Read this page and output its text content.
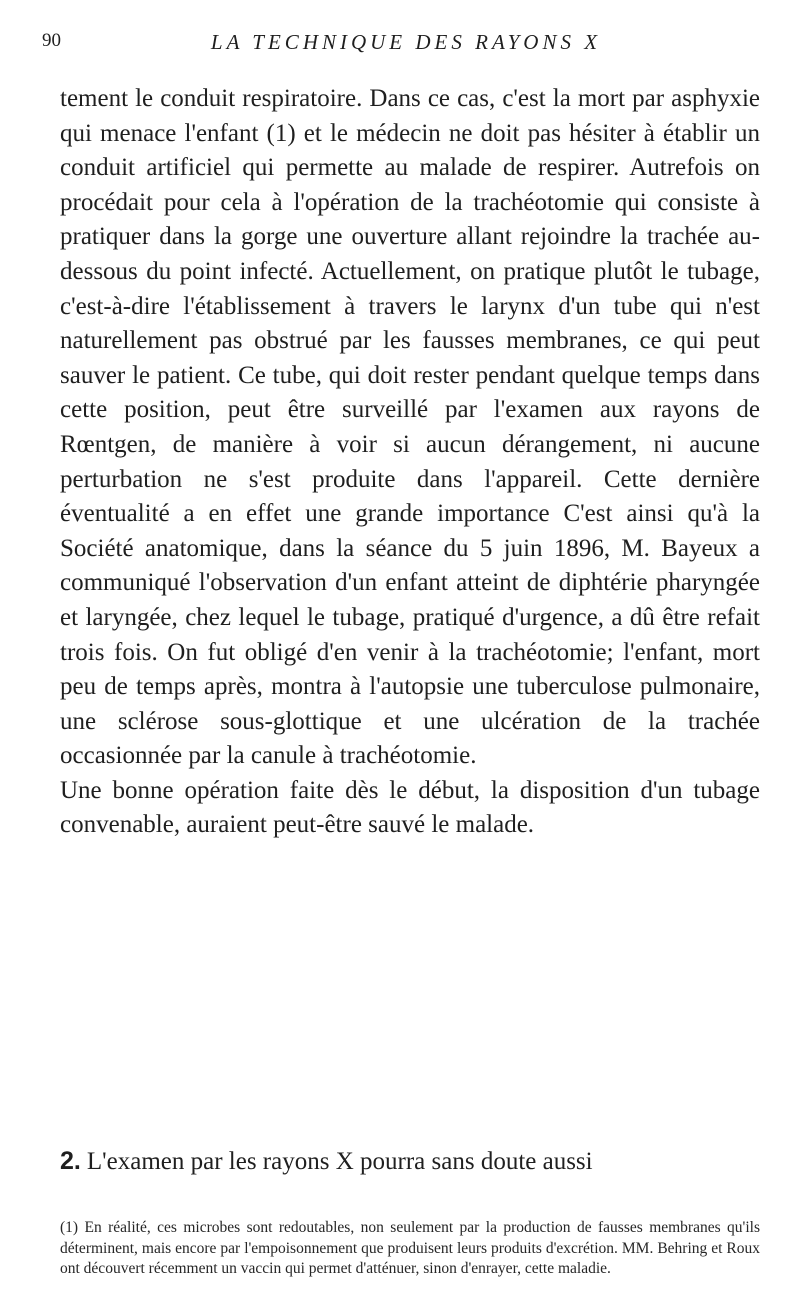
90	LA TECHNIQUE DES RAYONS X

tement le conduit respiratoire. Dans ce cas, c'est la mort par asphyxie qui menace l'enfant (1) et le médecin ne doit pas hésiter à établir un conduit artificiel qui permette au malade de respirer. Autrefois on procédait pour cela à l'opération de la trachéotomie qui consiste à pratiquer dans la gorge une ouverture allant rejoindre la trachée au-dessous du point infecté. Actuellement, on pratique plutôt le tubage, c'est-à-dire l'établissement à travers le larynx d'un tube qui n'est naturellement pas obstrué par les fausses membranes, ce qui peut sauver le patient. Ce tube, qui doit rester pendant quelque temps dans cette position, peut être surveillé par l'examen aux rayons de Rœntgen, de manière à voir si aucun dérangement, ni aucune perturbation ne s'est produite dans l'appareil. Cette dernière éventualité a en effet une grande importance C'est ainsi qu'à la Société anatomique, dans la séance du 5 juin 1896, M. Bayeux a communiqué l'observation d'un enfant atteint de diphtérie pharyngée et laryngée, chez lequel le tubage, pratiqué d'urgence, a dû être refait trois fois. On fut obligé d'en venir à la trachéotomie; l'enfant, mort peu de temps après, montra à l'autopsie une tuberculose pulmonaire, une sclérose sous-glottique et une ulcération de la trachée occasionnée par la canule à trachéotomie.

Une bonne opération faite dès le début, la disposition d'un tubage convenable, auraient peut-être sauvé le malade.

2. L'examen par les rayons X pourra sans doute aussi
(1) En réalité, ces microbes sont redoutables, non seulement par la production de fausses membranes qu'ils déterminent, mais encore par l'empoisonnement que produisent leurs produits d'excrétion. MM. Behring et Roux ont découvert récemment un vaccin qui permet d'atténuer, sinon d'enrayer, cette maladie.
